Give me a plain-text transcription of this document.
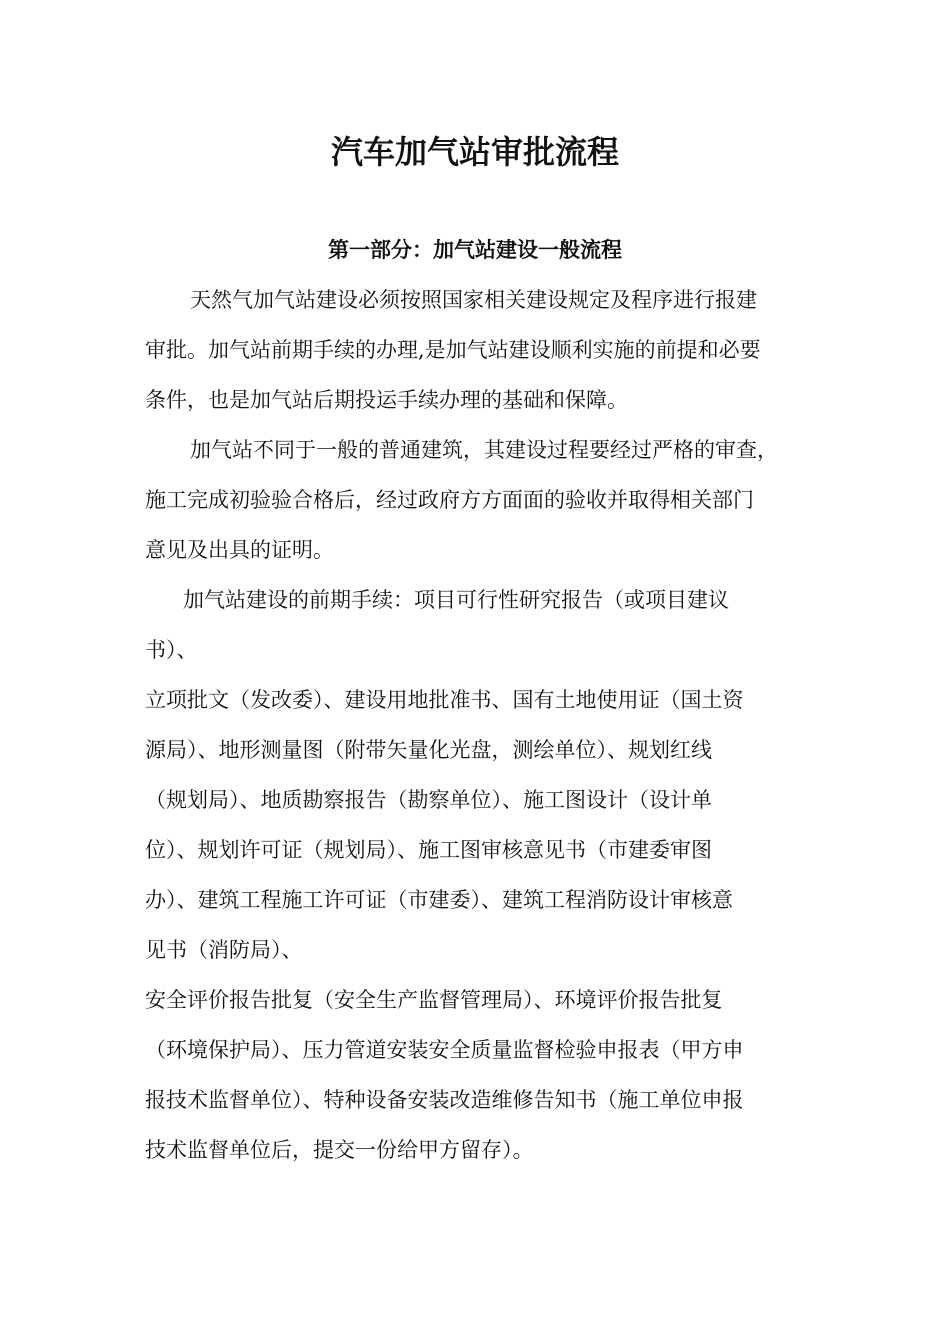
汽车加气站审批流程
第一部分：加气站建设一般流程

天然气加气站建设必须按照国家相关建设规定及程序进行报建

审批。加气站前期手续的办理,是加气站建设顺利实施的前提和必要

条件，也是加气站后期投运手续办理的基础和保障。

加气站不同于一般的普通建筑，其建设过程要经过严格的审查，

施工完成初验验合格后，经过政府方方面面的验收并取得相关部门

意见及出具的证明。

加气站建设的前期手续：项目可行性研究报告（或项目建议

书）、

立项批文（发改委）、建设用地批准书、国有土地使用证（国土资

源局）、地形测量图（附带矢量化光盘，测绘单位）、规划红线

（规划局）、地质勘察报告（勘察单位）、施工图设计（设计单

位）、规划许可证（规划局）、施工图审核意见书（市建委审图

办）、建筑工程施工许可证（市建委）、建筑工程消防设计审核意

见书（消防局）、

安全评价报告批复（安全生产监督管理局）、环境评价报告批复

（环境保护局）、压力管道安装安全质量监督检验申报表（甲方申

报技术监督单位）、特种设备安装改造维修告知书（施工单位申报

技术监督单位后，提交一份给甲方留存）。
